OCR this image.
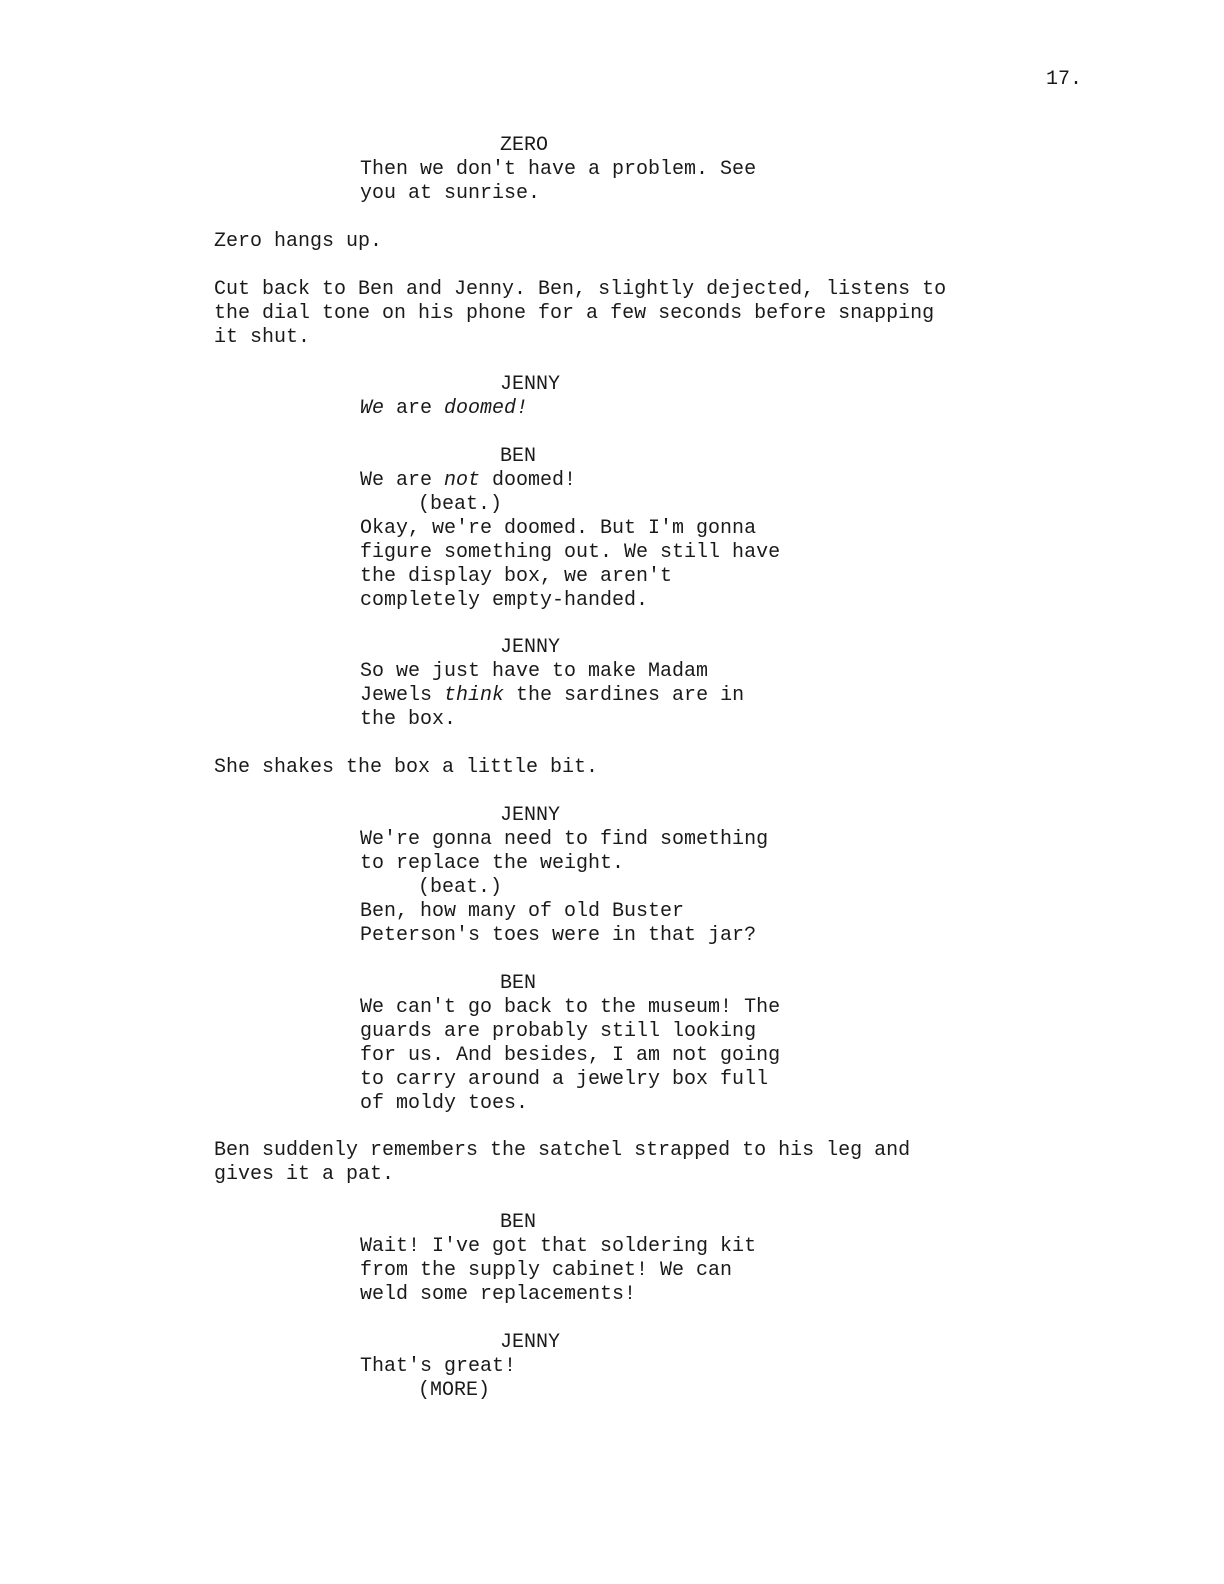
17.
ZERO
Then we don't have a problem. See
you at sunrise.
Zero hangs up.
Cut back to Ben and Jenny. Ben, slightly dejected, listens to
the dial tone on his phone for a few seconds before snapping
it shut.
JENNY
We are doomed!
BEN
We are not doomed!
(beat.)
Okay, we're doomed. But I'm gonna
figure something out. We still have
the display box, we aren't
completely empty-handed.
JENNY
So we just have to make Madam
Jewels think the sardines are in
the box.
She shakes the box a little bit.
JENNY
We're gonna need to find something
to replace the weight.
(beat.)
Ben, how many of old Buster
Peterson's toes were in that jar?
BEN
We can't go back to the museum! The
guards are probably still looking
for us. And besides, I am not going
to carry around a jewelry box full
of moldy toes.
Ben suddenly remembers the satchel strapped to his leg and
gives it a pat.
BEN
Wait! I've got that soldering kit
from the supply cabinet! We can
weld some replacements!
JENNY
That's great!
(MORE)
